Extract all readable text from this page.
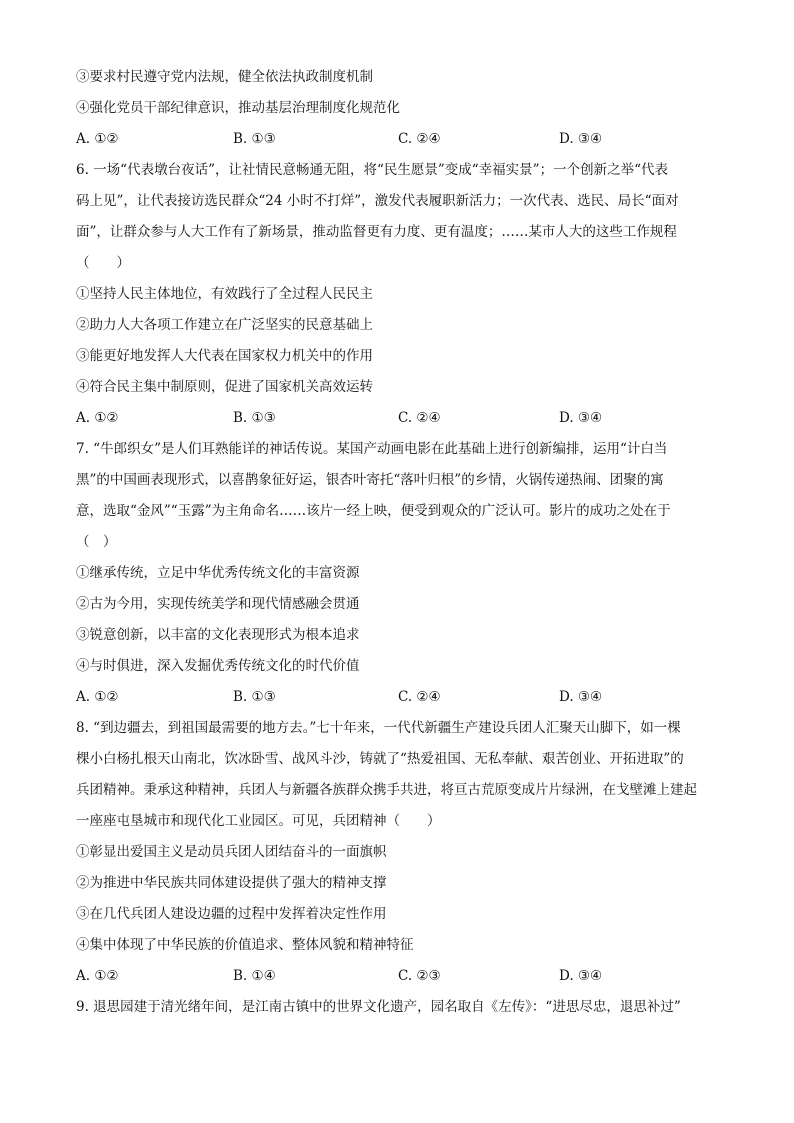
③要求村民遵守党内法规，健全依法执政制度机制
④强化党员干部纪律意识，推动基层治理制度化规范化
A. ①②	B. ①③	C. ②④	D. ③④
6. 一场“代表墩台夜话”，让社情民意畅通无阻，将“民生愿景”变成“幸福实景”；一个创新之举“代表
码上见”，让代表接访选民群众“24 小时不打烊”，激发代表履职新活力；一次代表、选民、局长“面对
面”，让群众参与人大工作有了新场景，推动监督更有力度、更有温度；……某市人大的这些工作规程
（　　）
①坚持人民主体地位，有效践行了全过程人民民主
②助力人大各项工作建立在广泛坚实的民意基础上
③能更好地发挥人大代表在国家权力机关中的作用
④符合民主集中制原则，促进了国家机关高效运转
A. ①②	B. ①③	C. ②④	D. ③④
7. “牛郎织女”是人们耳熟能详的神话传说。某国产动画电影在此基础上进行创新编排，运用“计白当
黑”的中国画表现形式，以喜鹊象征好运，银杏叶寄托“落叶归根”的乡情，火锅传递热闹、团聚的寓
意，选取“金风”“玉露”为主角命名……该片一经上映，便受到观众的广泛认可。影片的成功之处在于
（　）
①继承传统，立足中华优秀传统文化的丰富资源
②古为今用，实现传统美学和现代情感融会贯通
③锐意创新，以丰富的文化表现形式为根本追求
④与时俱进，深入发掘优秀传统文化的时代价值
A. ①②	B. ①③	C. ②④	D. ③④
8. “到边疆去，到祖国最需要的地方去。”七十年来，一代代新疆生产建设兵团人汇聚天山脚下，如一棵
棵小白杨扎根天山南北，饮冰卧雪、战风斗沙，铸就了“热爱祖国、无私奉献、艰苦创业、开拓进取”的
兵团精神。秉承这种精神，兵团人与新疆各族群众携手共进，将亘古荒原变成片片绿洲，在戈壁滩上建起
一座座屯垦城市和现代化工业园区。可见，兵团精神（　　）
①彰显出爱国主义是动员兵团人团结奋斗的一面旗帜
②为推进中华民族共同体建设提供了强大的精神支撑
③在几代兵团人建设边疆的过程中发挥着决定性作用
④集中体现了中华民族的价值追求、整体风貌和精神特征
A. ①②	B. ①④	C. ②③	D. ③④
9. 退思园建于清光绪年间，是江南古镇中的世界文化遗产，园名取自《左传》：“进思尽忠，退思补过”
